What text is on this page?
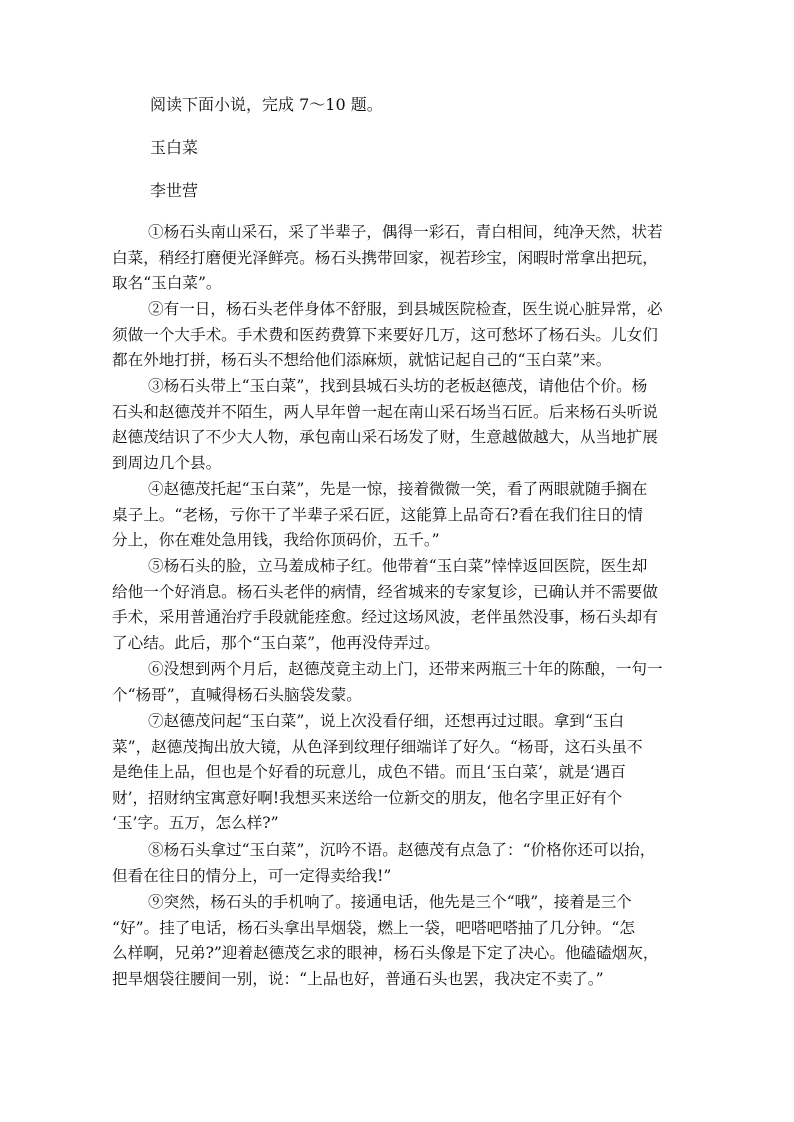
阅读下面小说，完成 7～10 题。

玉白菜

李世营

①杨石头南山采石，采了半辈子，偶得一彩石，青白相间，纯净天然，状若
白菜，稍经打磨便光泽鲜亮。杨石头携带回家，视若珍宝，闲暇时常拿出把玩，
取名“玉白菜”。
②有一日，杨石头老伴身体不舒服，到县城医院检查，医生说心脏异常，必
须做一个大手术。手术费和医药费算下来要好几万，这可愁坏了杨石头。儿女们
都在外地打拼，杨石头不想给他们添麻烦，就惦记起自己的“玉白菜”来。
③杨石头带上“玉白菜”，找到县城石头坊的老板赵德茂，请他估个价。杨
石头和赵德茂并不陌生，两人早年曾一起在南山采石场当石匠。后来杨石头听说
赵德茂结识了不少大人物，承包南山采石场发了财，生意越做越大，从当地扩展
到周边几个县。
④赵德茂托起“玉白菜”，先是一惊，接着微微一笑，看了两眼就随手搁在
桌子上。“老杨，亏你干了半辈子采石匠，这能算上品奇石?看在我们往日的情
分上，你在难处急用钱，我给你顶码价，五千。”
⑤杨石头的脸，立马羞成柿子红。他带着“玉白菜”悻悻返回医院，医生却
给他一个好消息。杨石头老伴的病情，经省城来的专家复诊，已确认并不需要做
手术，采用普通治疗手段就能痊愈。经过这场风波，老伴虽然没事，杨石头却有
了心结。此后，那个“玉白菜”，他再没侍弄过。
⑥没想到两个月后，赵德茂竟主动上门，还带来两瓶三十年的陈酿，一句一
个“杨哥”，直喊得杨石头脑袋发蒙。
⑦赵德茂问起“玉白菜”，说上次没看仔细，还想再过过眼。拿到“玉白
菜”，赵德茂掏出放大镜，从色泽到纹理仔细端详了好久。“杨哥，这石头虽不
是绝佳上品，但也是个好看的玩意儿，成色不错。而且‘玉白菜’，就是‘遇百
财’，招财纳宝寓意好啊!我想买来送给一位新交的朋友，他名字里正好有个
‘玉’字。五万，怎么样?”
⑧杨石头拿过“玉白菜”，沉吟不语。赵德茂有点急了：“价格你还可以抬，
但看在往日的情分上，可一定得卖给我!”
⑨突然，杨石头的手机响了。接通电话，他先是三个“哦”，接着是三个
“好”。挂了电话，杨石头拿出旱烟袋，燃上一袋，吧嗒吧嗒抽了几分钟。“怎
么样啊，兄弟?”迎着赵德茂乞求的眼神，杨石头像是下定了决心。他磕磕烟灰，
把旱烟袋往腰间一别，说：“上品也好，普通石头也罢，我决定不卖了。”
